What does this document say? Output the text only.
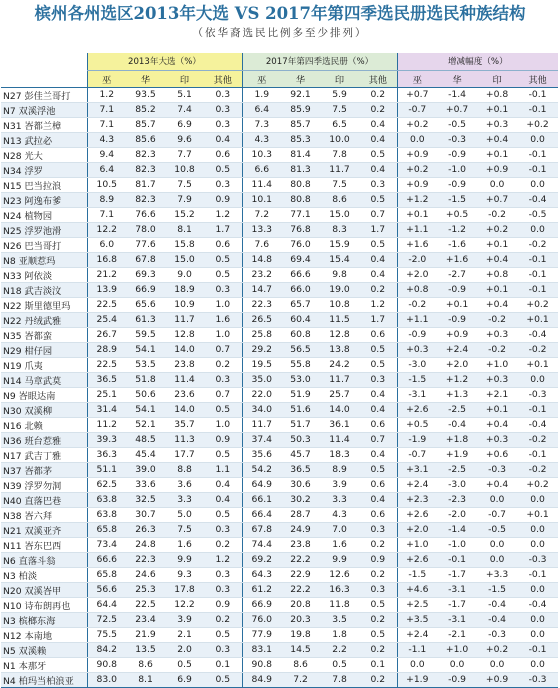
槟州各州选区2013年大选 VS 2017年第四季选民册选民种族结构
（依华裔选民比例多至少排列）
	2013年大选（%）				2017年第四季选民册（%）				增减幅度（%）			
	巫	华	印	其他	巫	华	印	其他	巫	华	印	其他
N27 彭佳兰哥打	1.2	93.5	5.1	0.3	1.9	92.1	5.9	0.2	+0.7	-1.4	+0.8	-0.1
N7 双溪浮池	7.1	85.2	7.4	0.3	6.4	85.9	7.5	0.2	-0.7	+0.7	+0.1	-0.1
N31 峇都兰樟	7.1	85.7	6.9	0.3	7.3	85.7	6.5	0.4	+0.2	-0.5	+0.3	+0.2
N13 武拉必	4.3	85.6	9.6	0.4	4.3	85.3	10.0	0.4	0.0	-0.3	+0.4	0.0
N28 光大	9.4	82.3	7.7	0.6	10.3	81.4	7.8	0.5	+0.9	-0.9	+0.1	-0.1
N34 浮罗	6.4	82.3	10.8	0.5	6.6	81.3	11.7	0.4	+0.2	-1.0	+0.9	-0.1
N15 巴当拉浪	10.5	81.7	7.5	0.3	11.4	80.8	7.5	0.3	+0.9	-0.9	0.0	0.0
N23 阿逸布爹	8.9	82.3	7.9	0.9	10.1	80.8	8.6	0.5	+1.2	-1.5	+0.7	-0.4
N24 植物园	7.1	76.6	15.2	1.2	7.2	77.1	15.0	0.7	+0.1	+0.5	-0.2	-0.5
N25 浮罗池滑	12.2	78.0	8.1	1.7	13.3	76.8	8.3	1.7	+1.1	-1.2	+0.2	0.0
N26 巴当哥打	6.0	77.6	15.8	0.6	7.6	76.0	15.9	0.5	+1.6	-1.6	+0.1	-0.2
N8 亚顺惹玛	16.8	67.8	15.0	0.5	14.8	69.4	15.4	0.4	-2.0	+1.6	+0.4	-0.1
N33 阿依淡	21.2	69.3	9.0	0.5	23.2	66.6	9.8	0.4	+2.0	-2.7	+0.8	-0.1
N18 武吉淡汶	13.9	66.9	18.9	0.3	14.7	66.0	19.0	0.2	+0.8	-0.9	+0.1	-0.1
N22 斯里德里玛	22.5	65.6	10.9	1.0	22.3	65.7	10.8	1.2	-0.2	+0.1	+0.4	+0.2
N22 丹绒武雅	25.4	61.3	11.7	1.6	26.5	60.4	11.5	1.7	+1.1	-0.9	-0.2	+0.1
N35 峇都蛮	26.7	59.5	12.8	1.0	25.8	60.8	12.8	0.6	-0.9	+0.9	+0.3	-0.4
N29 柑仔园	28.9	54.1	14.0	0.7	29.2	56.5	13.8	0.5	+0.3	+2.4	-0.2	-0.2
N19 爪夷	22.5	53.5	23.8	0.2	19.5	55.8	24.2	0.5	-3.0	+2.0	+1.0	+0.1
N14 马章武莫	36.5	51.8	11.4	0.3	35.0	53.0	11.7	0.3	-1.5	+1.2	+0.3	0.0
N9 峇眼达南	25.1	50.6	23.6	0.7	22.0	51.9	25.7	0.4	-3.1	+1.3	+2.1	-0.3
N30 双溪柳	31.4	54.1	14.0	0.5	34.0	51.6	14.0	0.4	+2.6	-2.5	+0.1	-0.1
N16 北赖	11.2	52.1	35.7	1.0	11.7	51.7	36.1	0.6	+0.5	-0.4	+0.4	-0.4
N36 班台惹雅	39.3	48.5	11.3	0.9	37.4	50.3	11.4	0.7	-1.9	+1.8	+0.3	-0.2
N17 武吉丁雅	36.3	45.4	17.7	0.5	35.6	45.7	18.3	0.4	-0.7	+1.9	+0.6	-0.1
N37 峇都茅	51.1	39.0	8.8	1.1	54.2	36.5	8.9	0.5	+3.1	-2.5	-0.3	-0.2
N39 浮罗勿洞	62.5	33.6	3.6	0.4	64.9	30.6	3.9	0.6	+2.4	-3.0	+0.4	+0.2
N40 直落巴巷	63.8	32.5	3.3	0.4	66.1	30.2	3.3	0.4	+2.3	-2.3	0.0	0.0
N38 峇六拜	63.8	30.7	5.0	0.5	66.4	28.7	4.3	0.6	+2.6	-2.0	-0.7	+0.1
N21 双溪亚齐	65.8	26.3	7.5	0.3	67.8	24.9	7.0	0.3	+2.0	-1.4	-0.5	0.0
N11 峇东巴西	73.4	24.8	1.6	0.2	74.4	23.8	1.6	0.2	+1.0	-1.0	0.0	0.0
N6 直落斗翁	66.6	22.3	9.9	1.2	69.2	22.2	9.9	0.9	+2.6	-0.1	0.0	-0.3
N3 柏淡	65.8	24.6	9.3	0.3	64.3	22.9	12.6	0.2	-1.5	-1.7	+3.3	-0.1
N20 双溪峇甲	56.6	25.3	17.8	0.3	61.2	22.2	16.3	0.3	+4.6	-3.1	-1.5	0.0
N10 诗布朗再也	64.4	22.5	12.2	0.9	66.9	20.8	11.8	0.5	+2.5	-1.7	-0.4	-0.4
N3 槟榔东海	72.5	23.4	3.9	0.2	76.0	20.3	3.5	0.2	+3.5	-3.1	-0.4	0.0
N12 本南地	75.5	21.9	2.1	0.5	77.9	19.8	1.8	0.5	+2.4	-2.1	-0.3	0.0
N5 双溪赖	84.2	13.5	2.0	0.3	83.1	14.5	2.2	0.2	-1.1	+1.0	+0.2	-0.1
N1 本那牙	90.8	8.6	0.5	0.1	90.8	8.6	0.5	0.1	0.0	0.0	0.0	0.0
N4 柏玛当柏浪亚	83.0	8.1	6.9	0.5	84.9	7.2	7.8	0.2	+1.9	-0.9	+0.9	-0.3
